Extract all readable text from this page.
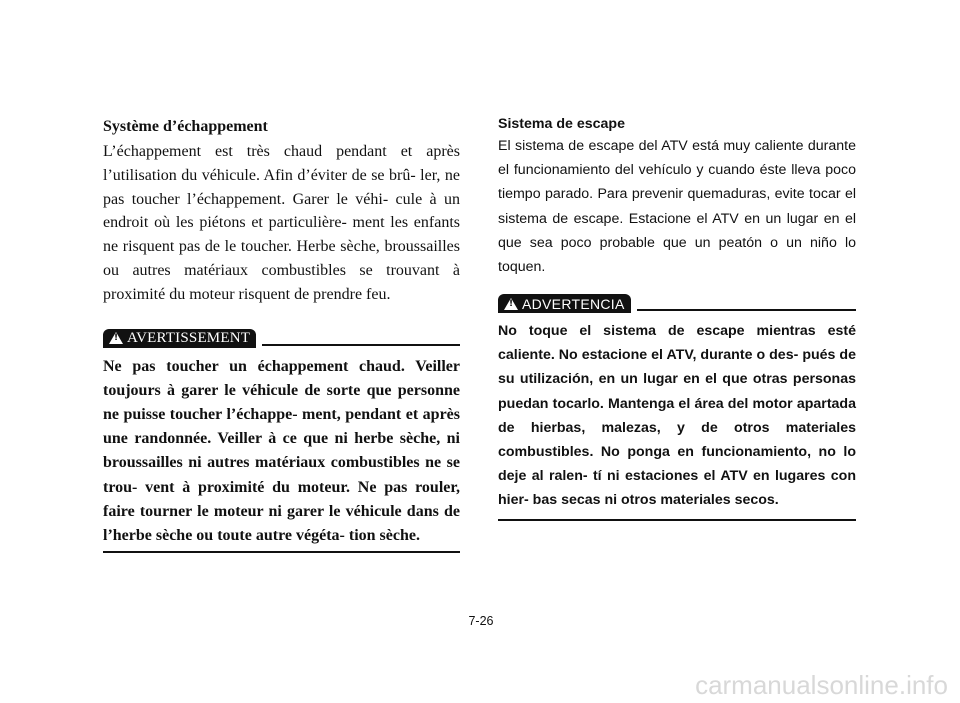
Système d’échappement
L’échappement est très chaud pendant et après l’utilisation du véhicule. Afin d’éviter de se brû- ler, ne pas toucher l’échappement. Garer le véhi- cule à un endroit où les piétons et particulière- ment les enfants ne risquent pas de le toucher. Herbe sèche, broussailles ou autres matériaux combustibles se trouvant à proximité du moteur risquent de prendre feu.
!
AVERTISSEMENT
Ne pas toucher un échappement chaud. Veiller toujours à garer le véhicule de sorte que personne ne puisse toucher l’échappe- ment, pendant et après une randonnée. Veiller à ce que ni herbe sèche, ni broussailles ni autres matériaux combustibles ne se trou- vent à proximité du moteur. Ne pas rouler, faire tourner le moteur ni garer le véhicule dans de l’herbe sèche ou toute autre végéta- tion sèche.
Sistema de escape
El sistema de escape del ATV está muy caliente durante el funcionamiento del vehículo y cuando éste lleva poco tiempo parado. Para prevenir quemaduras, evite tocar el sistema de escape. Estacione el ATV en un lugar en el que sea poco probable que un peatón o un niño lo toquen.
!
ADVERTENCIA
No toque el sistema de escape mientras esté caliente. No estacione el ATV, durante o des- pués de su utilización, en un lugar en el que otras personas puedan tocarlo. Mantenga el área del motor apartada de hierbas, malezas, y de otros materiales combustibles. No ponga en funcionamiento, no lo deje al ralen- tí ni estaciones el ATV en lugares con hier- bas secas ni otros materiales secos.
7-26
carmanualsonline.info
